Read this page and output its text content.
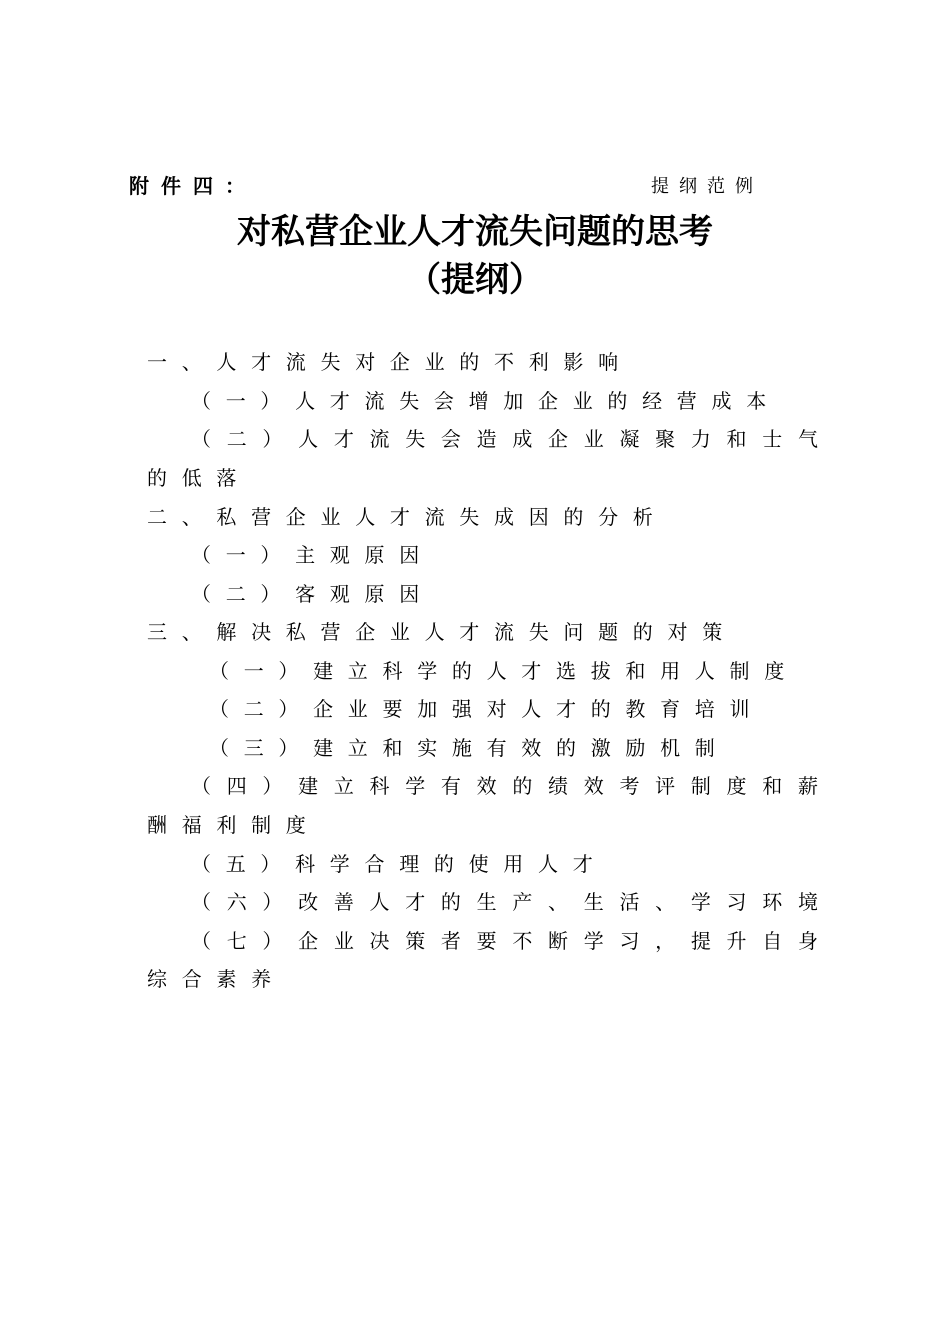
附件四：	提纲范例
对私营企业人才流失问题的思考
（提纲）
一、人才流失对企业的不利影响
（一）人才流失会增加企业的经营成本
（ 二 ） 人 才 流 失 会 造 成 企 业 凝 聚 力 和 士 气
的低落
二、私营企业人才流失成因的分析
（一）主观原因
（二）客观原因
三、解决私营企业人才流失问题的对策
（一）建立科学的人才选拔和用人制度
（二）企业要加强对人才的教育培训
（三）建立和实施有效的激励机制
（ 四 ） 建 立 科 学 有 效 的 绩 效 考 评 制 度 和 薪
酬福利制度
（五）科学合理的使用人才
（ 六 ） 改 善 人 才 的 生 产 、 生 活 、 学 习 环 境
（ 七 ） 企 业 决 策 者 要 不 断 学 习 ， 提 升 自 身
综合素养
